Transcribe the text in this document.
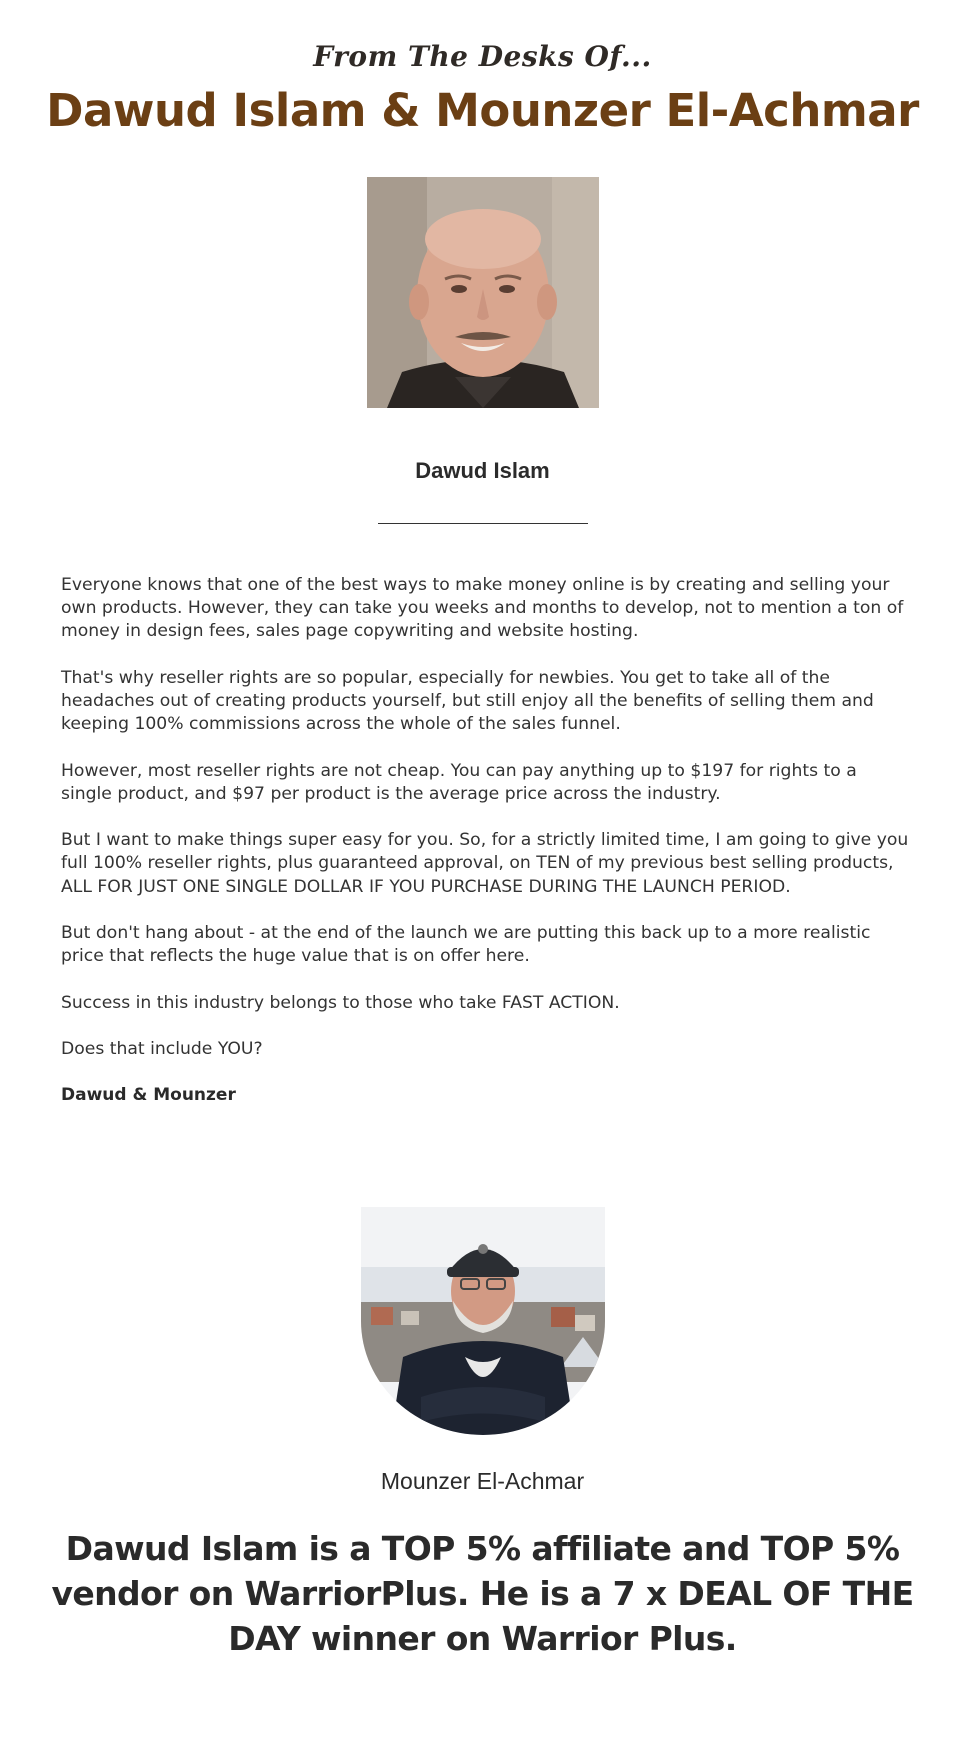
From The Desks Of...
Dawud Islam & Mounzer El-Achmar
Dawud Islam

Everyone knows that one of the best ways to make money online is by creating and selling your own products. However, they can take you weeks and months to develop, not to mention a ton of money in design fees, sales page copywriting and website hosting.

That's why reseller rights are so popular, especially for newbies. You get to take all of the headaches out of creating products yourself, but still enjoy all the benefits of selling them and keeping 100% commissions across the whole of the sales funnel.

However, most reseller rights are not cheap. You can pay anything up to $197 for rights to a single product, and $97 per product is the average price across the industry.

But I want to make things super easy for you. So, for a strictly limited time, I am going to give you full 100% reseller rights, plus guaranteed approval, on TEN of my previous best selling products, ALL FOR JUST ONE SINGLE DOLLAR IF YOU PURCHASE DURING THE LAUNCH PERIOD.

But don't hang about - at the end of the launch we are putting this back up to a more realistic price that reflects the huge value that is on offer here.

Success in this industry belongs to those who take FAST ACTION.

Does that include YOU?

Dawud & Mounzer

Mounzer El-Achmar
Dawud Islam is a TOP 5% affiliate and TOP 5% vendor on WarriorPlus. He is a 7 x DEAL OF THE DAY winner on Warrior Plus.
